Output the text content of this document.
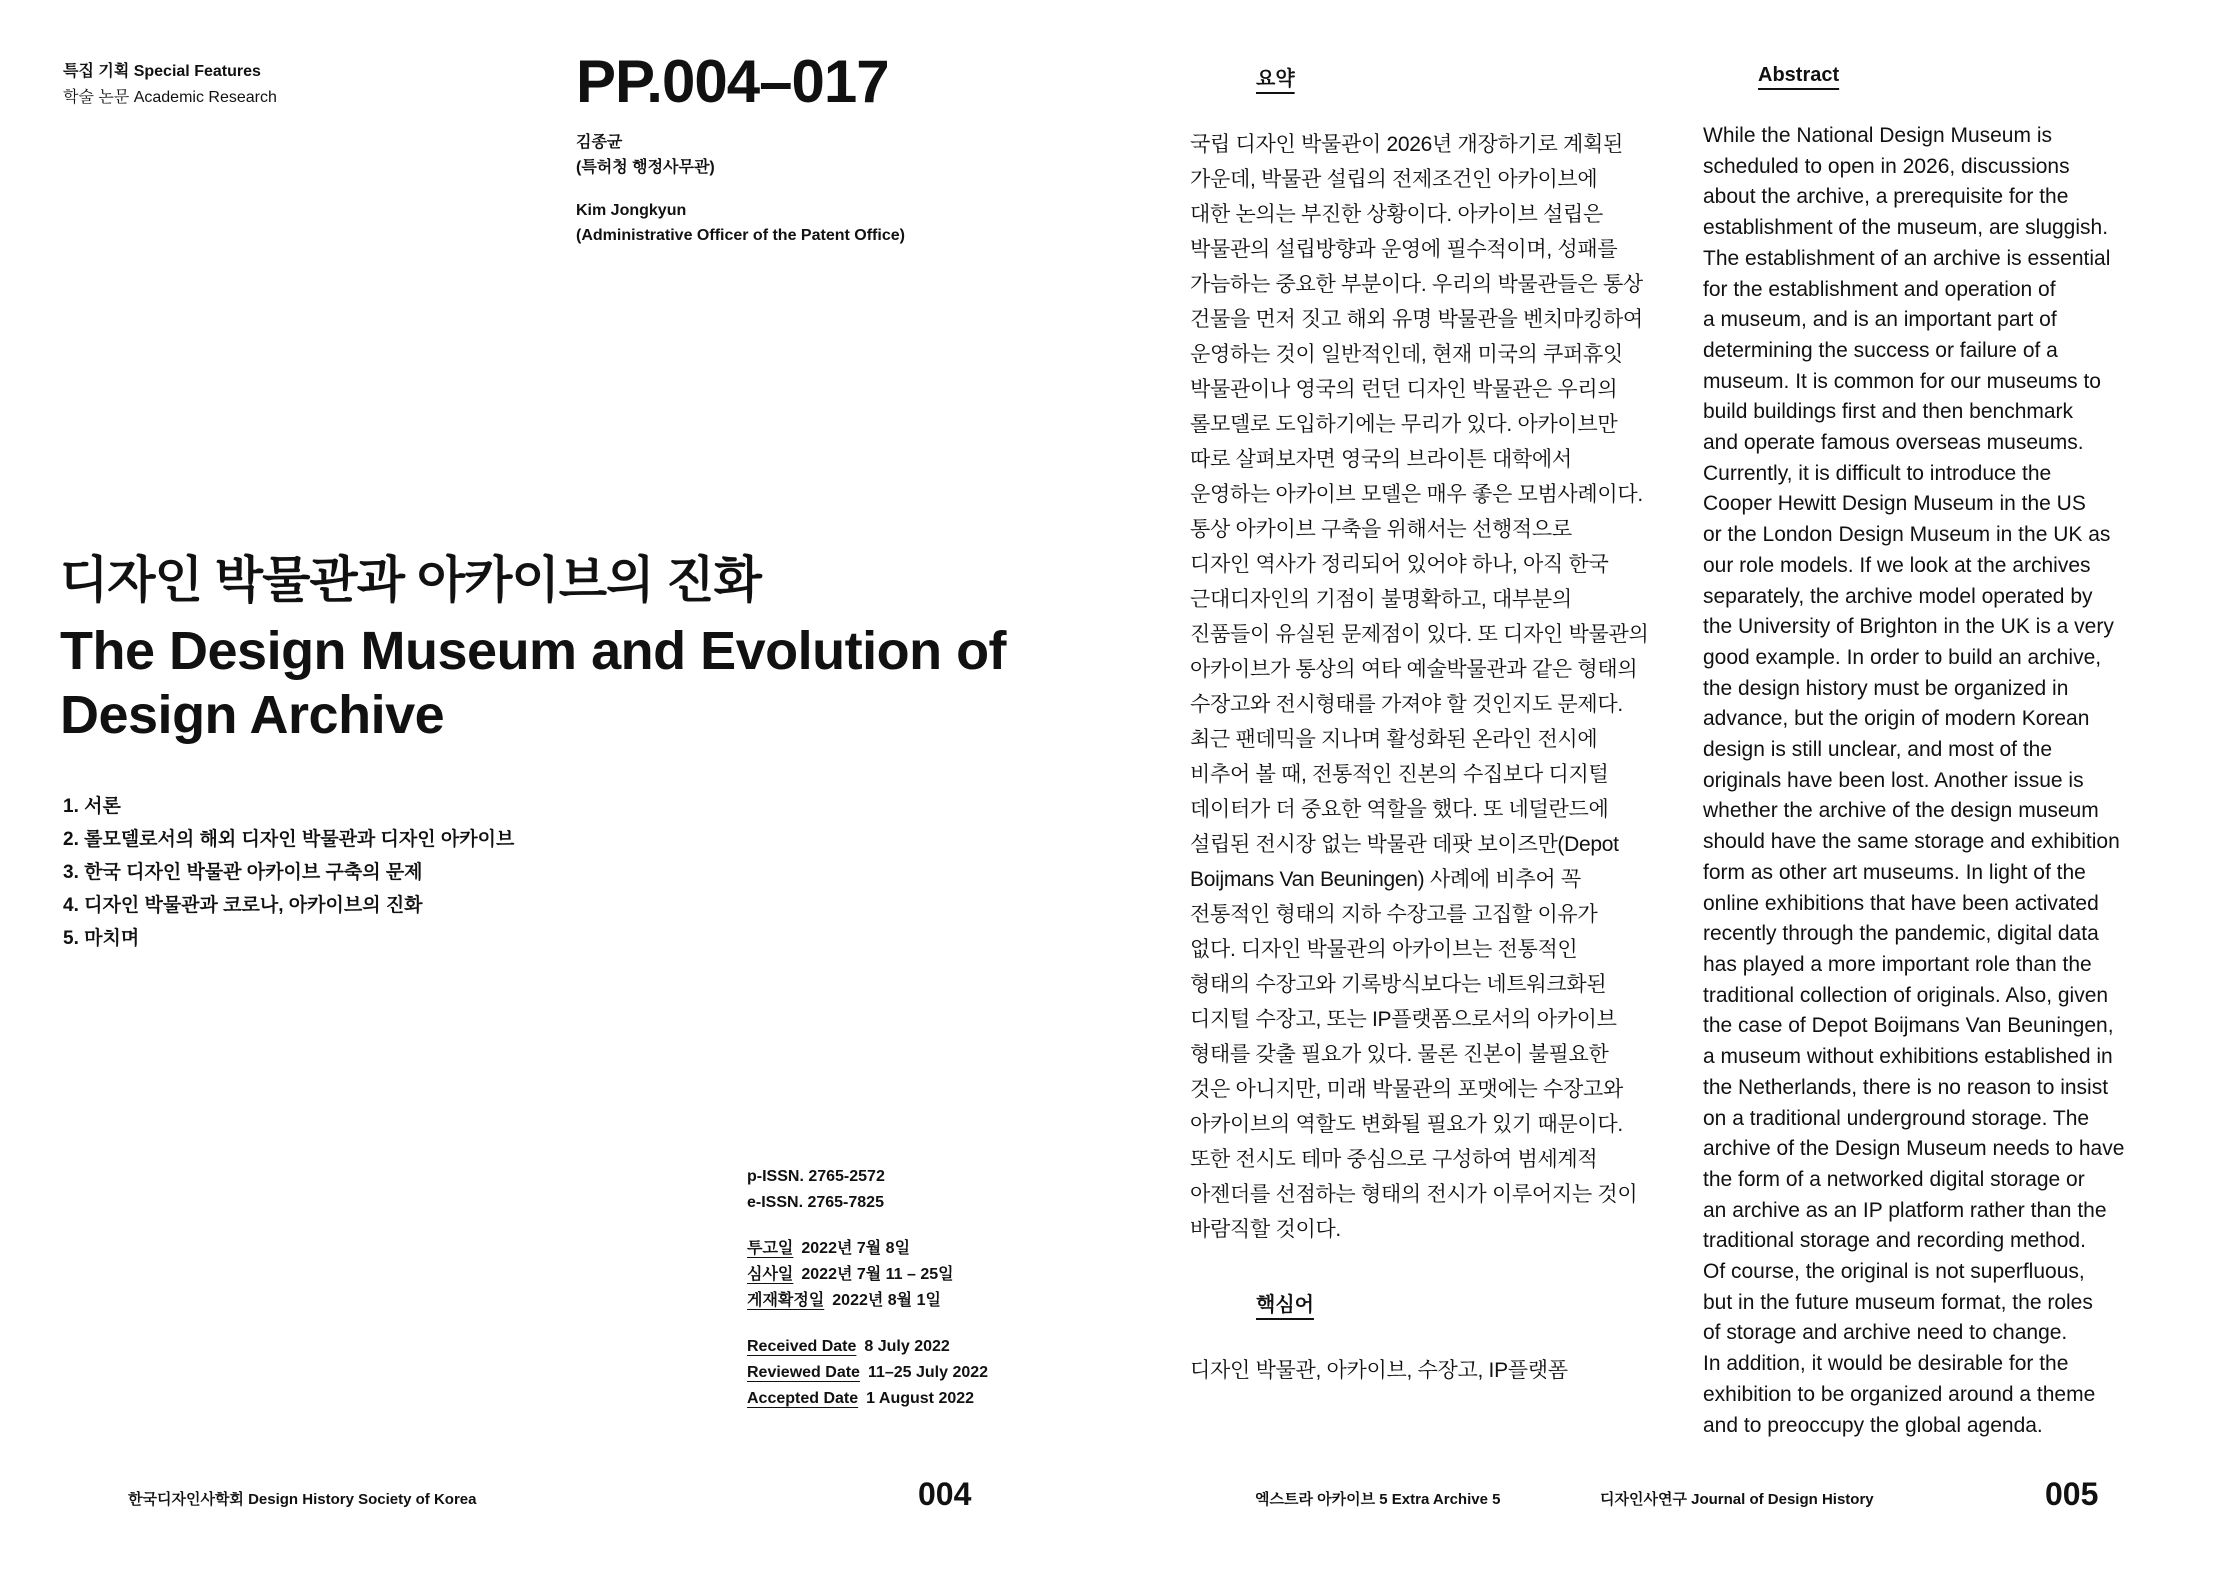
특집 기획 Special Features
학술 논문 Academic Research	PP.004–017
김종균
(특허청 행정사무관)
Kim Jongkyun
(Administrative Officer of the Patent Office)
디자인 박물관과 아카이브의 진화
The Design Museum and Evolution of Design Archive
1. 서론
2. 롤모델로서의 해외 디자인 박물관과 디자인 아카이브
3. 한국 디자인 박물관 아카이브 구축의 문제
4. 디자인 박물관과 코로나, 아카이브의 진화
5. 마치며
p-ISSN. 2765-2572
e-ISSN. 2765-7825
투고일 2022년 7월 8일
심사일 2022년 7월 11 – 25일
게재확정일 2022년 8월 1일
Received Date 8 July 2022
Reviewed Date 11–25 July 2022
Accepted Date 1 August 2022
한국디자인사학회 Design History Society of Korea	004
요약
국립 디자인 박물관이 2026년 개장하기로 계획된
가운데, 박물관 설립의 전제조건인 아카이브에
대한 논의는 부진한 상황이다. 아카이브 설립은
박물관의 설립방향과 운영에 필수적이며, 성패를
가늠하는 중요한 부분이다. 우리의 박물관들은 통상
건물을 먼저 짓고 해외 유명 박물관을 벤치마킹하여
운영하는 것이 일반적인데, 현재 미국의 쿠퍼휴잇
박물관이나 영국의 런던 디자인 박물관은 우리의
롤모델로 도입하기에는 무리가 있다. 아카이브만
따로 살펴보자면 영국의 브라이튼 대학에서
운영하는 아카이브 모델은 매우 좋은 모범사례이다.
통상 아카이브 구축을 위해서는 선행적으로
디자인 역사가 정리되어 있어야 하나, 아직 한국
근대디자인의 기점이 불명확하고, 대부분의
진품들이 유실된 문제점이 있다. 또 디자인 박물관의
아카이브가 통상의 여타 예술박물관과 같은 형태의
수장고와 전시형태를 가져야 할 것인지도 문제다.
최근 팬데믹을 지나며 활성화된 온라인 전시에
비추어 볼 때, 전통적인 진본의 수집보다 디지털
데이터가 더 중요한 역할을 했다. 또 네덜란드에
설립된 전시장 없는 박물관 데팟 보이즈만(Depot
Boijmans Van Beuningen) 사례에 비추어 꼭
전통적인 형태의 지하 수장고를 고집할 이유가
없다. 디자인 박물관의 아카이브는 전통적인
형태의 수장고와 기록방식보다는 네트워크화된
디지털 수장고, 또는 IP플랫폼으로서의 아카이브
형태를 갖출 필요가 있다. 물론 진본이 불필요한
것은 아니지만, 미래 박물관의 포맷에는 수장고와
아카이브의 역할도 변화될 필요가 있기 때문이다.
또한 전시도 테마 중심으로 구성하여 범세계적
아젠더를 선점하는 형태의 전시가 이루어지는 것이
바람직할 것이다.
핵심어
디자인 박물관, 아카이브, 수장고, IP플랫폼
Abstract
While the National Design Museum is
scheduled to open in 2026, discussions
about the archive, a prerequisite for the
establishment of the museum, are sluggish.
The establishment of an archive is essential
for the establishment and operation of
a museum, and is an important part of
determining the success or failure of a
museum. It is common for our museums to
build buildings first and then benchmark
and operate famous overseas museums.
Currently, it is difficult to introduce the
Cooper Hewitt Design Museum in the US
or the London Design Museum in the UK as
our role models. If we look at the archives
separately, the archive model operated by
the University of Brighton in the UK is a very
good example. In order to build an archive,
the design history must be organized in
advance, but the origin of modern Korean
design is still unclear, and most of the
originals have been lost. Another issue is
whether the archive of the design museum
should have the same storage and exhibition
form as other art museums. In light of the
online exhibitions that have been activated
recently through the pandemic, digital data
has played a more important role than the
traditional collection of originals. Also, given
the case of Depot Boijmans Van Beuningen,
a museum without exhibitions established in
the Netherlands, there is no reason to insist
on a traditional underground storage. The
archive of the Design Museum needs to have
the form of a networked digital storage or
an archive as an IP platform rather than the
traditional storage and recording method.
Of course, the original is not superfluous,
but in the future museum format, the roles
of storage and archive need to change.
In addition, it would be desirable for the
exhibition to be organized around a theme
and to preoccupy the global agenda.
엑스트라 아카이브 5 Extra Archive 5	디자인사연구 Journal of Design History	005
